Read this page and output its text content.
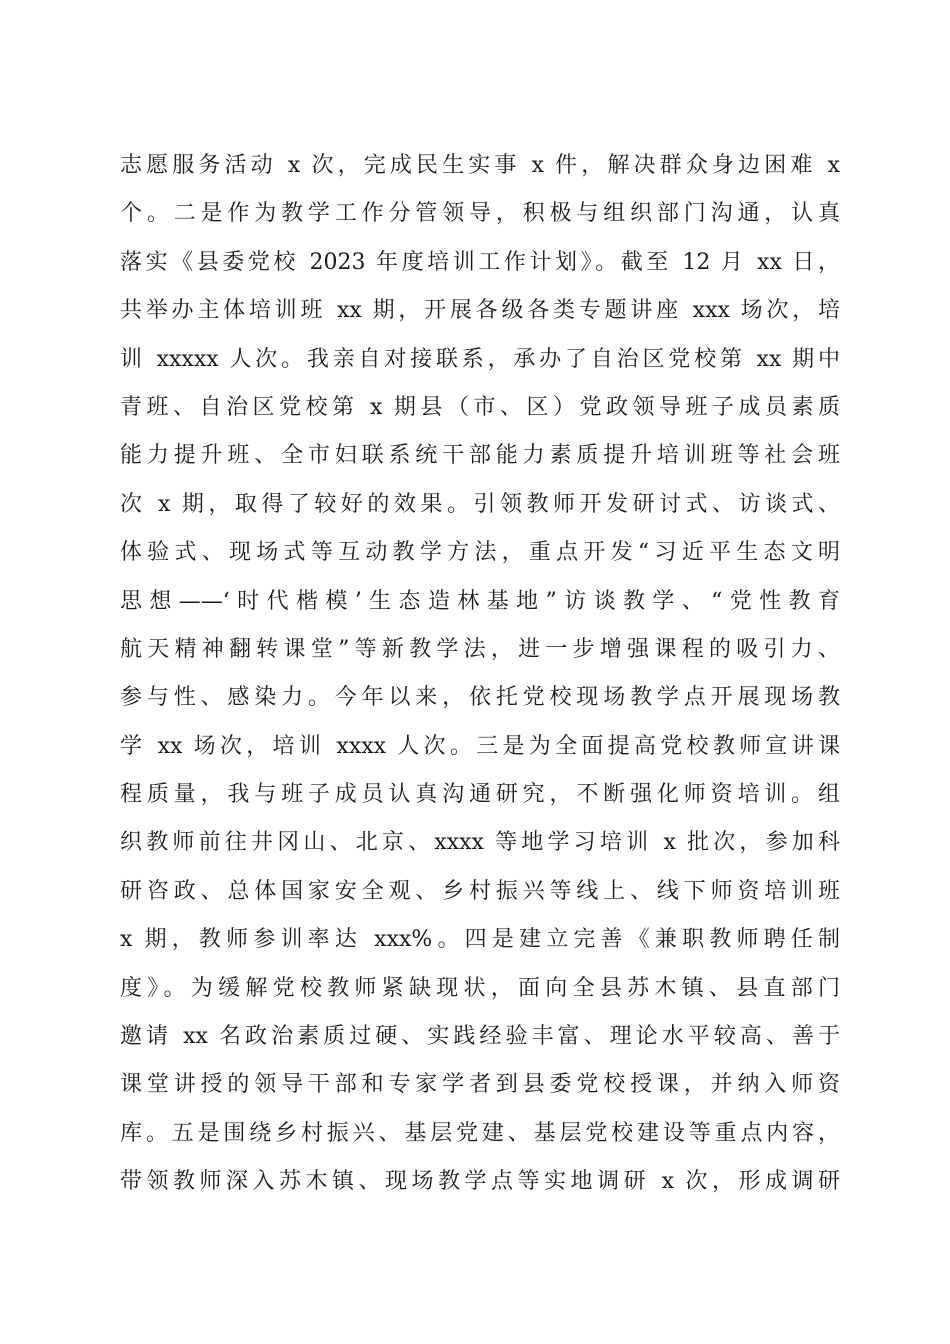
志愿服务活动 x 次，完成民生实事 x 件，解决群众身边困难 x
个。二是作为教学工作分管领导，积极与组织部门沟通，认真
落实《县委党校 2023 年度培训工作计划》。截至 12 月 xx 日，
共举办主体培训班 xx 期，开展各级各类专题讲座 xxx 场次，培
训 xxxxx 人次。我亲自对接联系，承办了自治区党校第 xx 期中
青班、自治区党校第 x 期县（市、区）党政领导班子成员素质
能力提升班、全市妇联系统干部能力素质提升培训班等社会班
次 x 期，取得了较好的效果。引领教师开发研讨式、访谈式、
体验式、现场式等互动教学方法，重点开发“习近平生态文明
思想——‘时代楷模’生态造林基地”访谈教学、“党性教育
航天精神翻转课堂”等新教学法，进一步增强课程的吸引力、
参与性、感染力。今年以来，依托党校现场教学点开展现场教
学 xx 场次，培训 xxxx 人次。三是为全面提高党校教师宣讲课
程质量，我与班子成员认真沟通研究，不断强化师资培训。组
织教师前往井冈山、北京、xxxx 等地学习培训 x 批次，参加科
研咨政、总体国家安全观、乡村振兴等线上、线下师资培训班
x 期，教师参训率达 xxx%。四是建立完善《兼职教师聘任制
度》。为缓解党校教师紧缺现状，面向全县苏木镇、县直部门
邀请 xx 名政治素质过硬、实践经验丰富、理论水平较高、善于
课堂讲授的领导干部和专家学者到县委党校授课，并纳入师资
库。五是围绕乡村振兴、基层党建、基层党校建设等重点内容，
带领教师深入苏木镇、现场教学点等实地调研 x 次，形成调研
